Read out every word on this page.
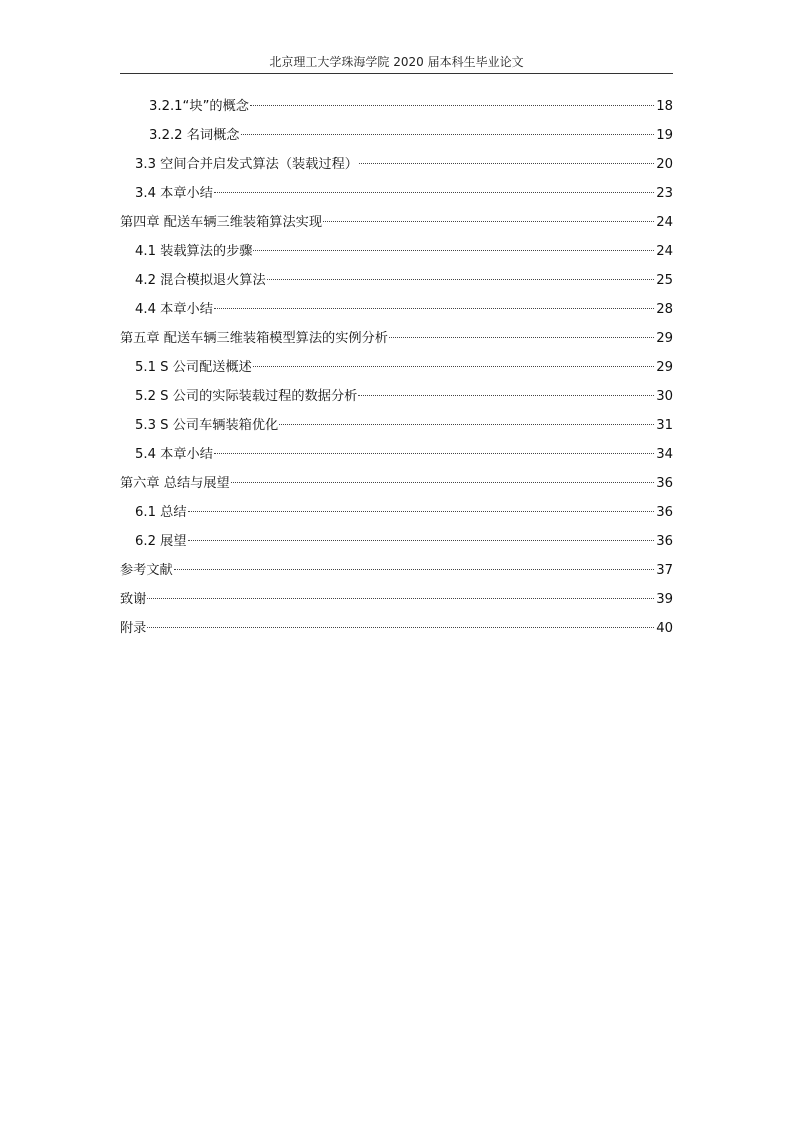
北京理工大学珠海学院 2020 届本科生毕业论文
3.2.1“块”的概念	18
3.2.2 名词概念	19
3.3 空间合并启发式算法（装载过程）	20
3.4 本章小结	23
第四章 配送车辆三维装箱算法实现	24
4.1 装载算法的步骤	24
4.2 混合模拟退火算法	25
4.4 本章小结	28
第五章 配送车辆三维装箱模型算法的实例分析	29
5.1 S 公司配送概述	29
5.2 S 公司的实际装载过程的数据分析	30
5.3 S 公司车辆装箱优化	31
5.4 本章小结	34
第六章 总结与展望	36
6.1 总结	36
6.2 展望	36
参考文献	37
致谢	39
附录	40
